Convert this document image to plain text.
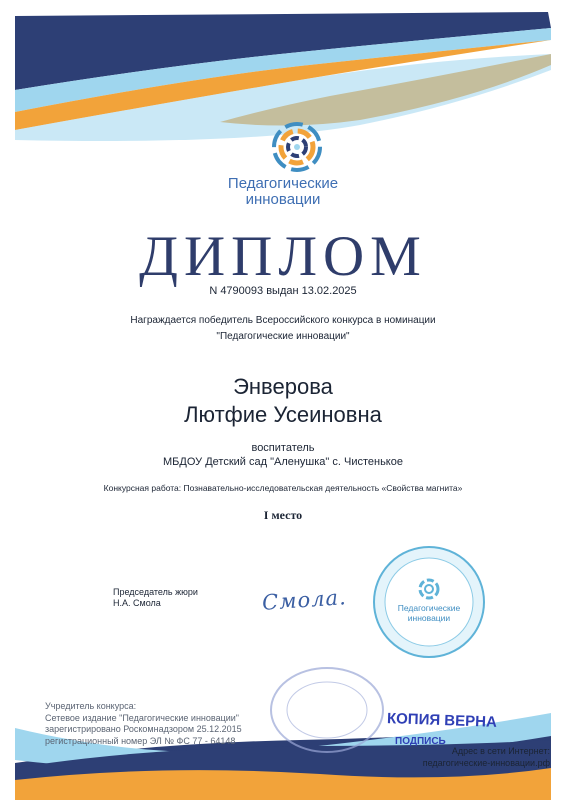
Педагогические
инновации
ДИПЛОМ
N 4790093 выдан 13.02.2025
Награждается победитель Всероссийского конкурса в номинации
"Педагогические инновации"
Энверова
Лютфие Усеиновна
воспитатель
МБДОУ Детский сад "Аленушка" с. Чистенькое
Конкурсная работа: Познавательно-исследовательская деятельность «Свойства магнита»
I место
Председатель жюри
Н.А. Смола	Смола.	Педагогические
инновации
Учредитель конкурса:
Сетевое издание "Педагогические инновации"
зарегистрировано Роскомнадзором 25.12.2015
регистрационный номер ЭЛ № ФС 77 - 64148
КОПИЯ ВЕРНА
ПОДПИСЬ
Адрес в сети Интернет:
педагогические-инновации.рф
